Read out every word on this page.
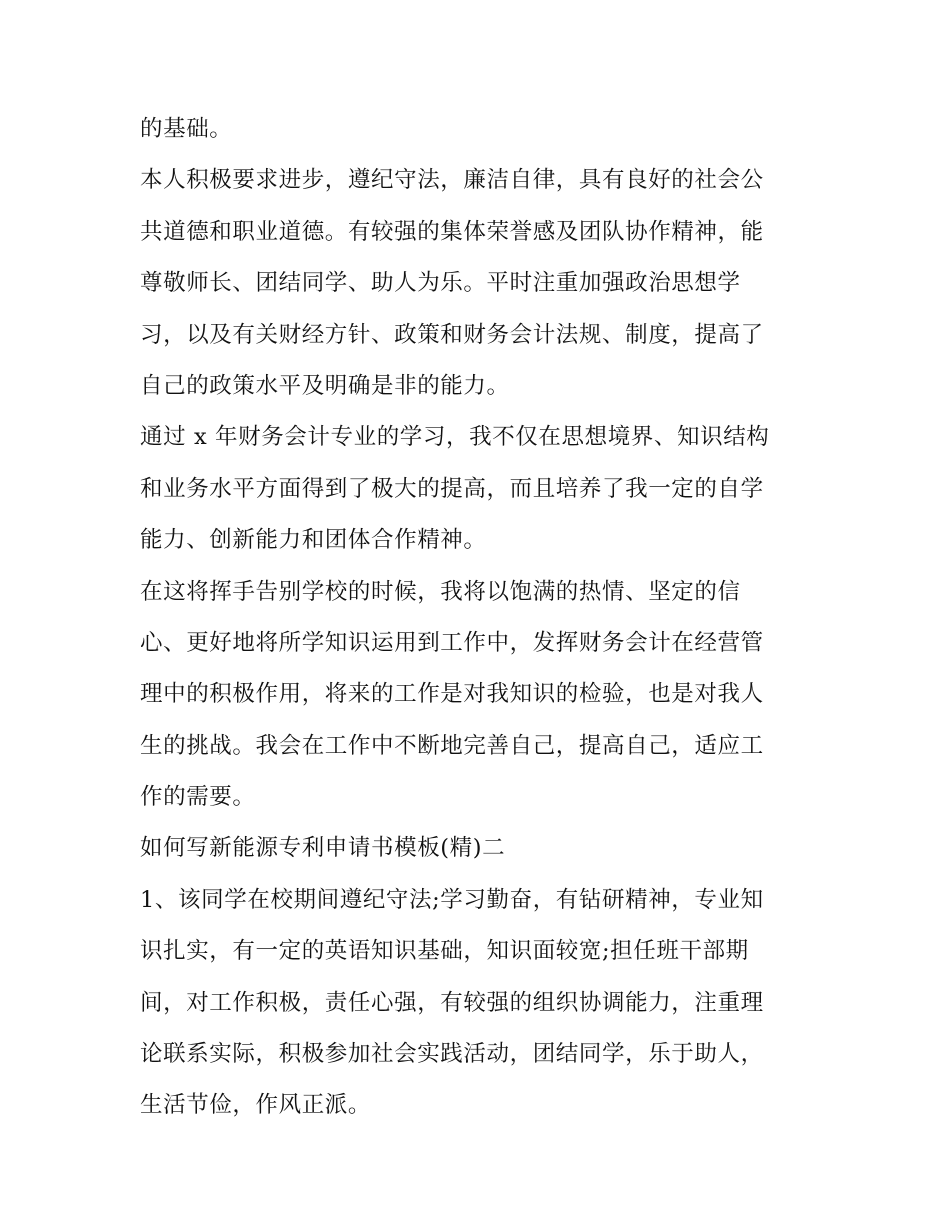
的基础。
本人积极要求进步，遵纪守法，廉洁自律，具有良好的社会公
共道德和职业道德。有较强的集体荣誉感及团队协作精神，能
尊敬师长、团结同学、助人为乐。平时注重加强政治思想学
习，以及有关财经方针、政策和财务会计法规、制度，提高了
自己的政策水平及明确是非的能力。
通过 x 年财务会计专业的学习，我不仅在思想境界、知识结构
和业务水平方面得到了极大的提高，而且培养了我一定的自学
能力、创新能力和团体合作精神。
在这将挥手告别学校的时候，我将以饱满的热情、坚定的信
心、更好地将所学知识运用到工作中，发挥财务会计在经营管
理中的积极作用，将来的工作是对我知识的检验，也是对我人
生的挑战。我会在工作中不断地完善自己，提高自己，适应工
作的需要。
如何写新能源专利申请书模板(精)二
1、该同学在校期间遵纪守法;学习勤奋，有钻研精神，专业知
识扎实，有一定的英语知识基础，知识面较宽;担任班干部期
间，对工作积极，责任心强，有较强的组织协调能力，注重理
论联系实际，积极参加社会实践活动，团结同学，乐于助人，
生活节俭，作风正派。
